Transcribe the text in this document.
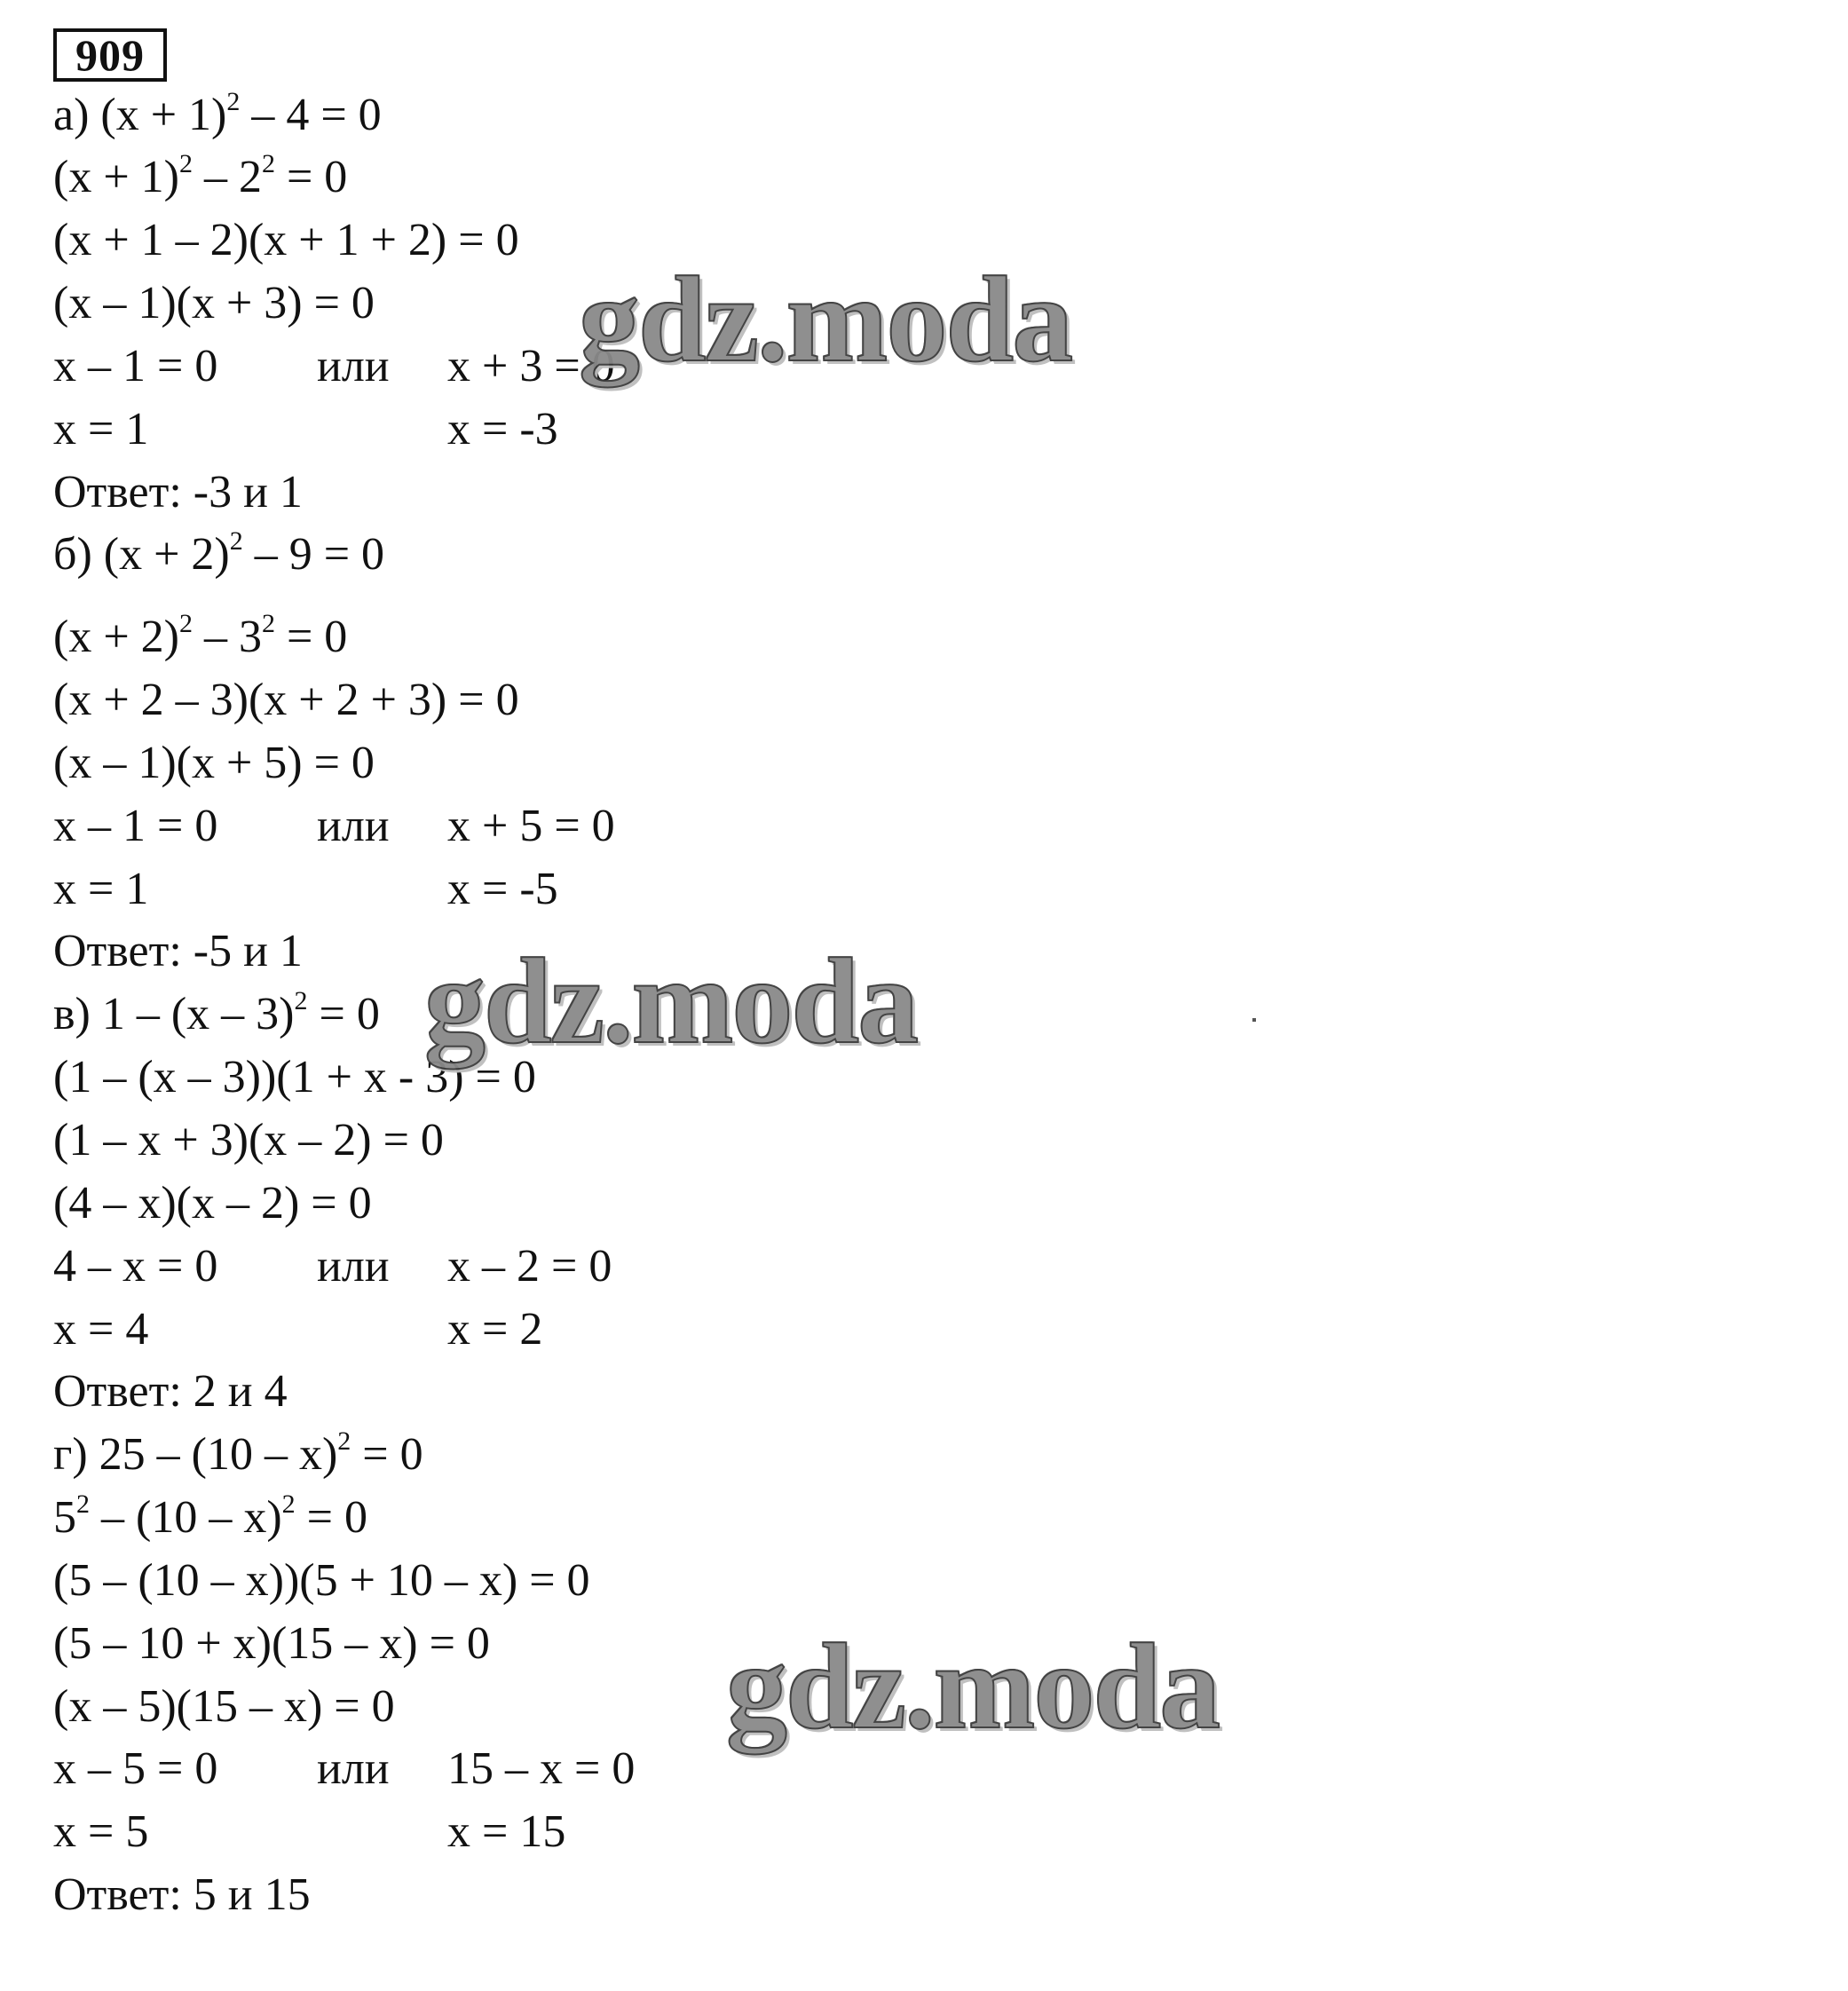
909
а) $(x + 1)^2 - 4 = 0$
$(x + 1)^2 - 2^2 = 0$
(x + 1 – 2)(x + 1 + 2) = 0
(x – 1)(x + 3) = 0
x – 1 = 0 или x + 3 = 0
x = 1	x = -3
Ответ: -3 и 1
б) $(x + 2)^2 - 9 = 0$
$(x + 2)^2 - 3^2 = 0$
(x + 2 – 3)(x + 2 + 3) = 0
(x – 1)(x + 5) = 0
x – 1 = 0 или x + 5 = 0
x = 1	x = -5
Ответ: -5 и 1
в) 1 – (x – 3)$^2$ = 0
(1 – (x – 3))(1 + x - 3) = 0
(1 – x + 3)(x – 2) = 0
(4 – x)(x – 2) = 0
4 – x = 0 или x – 2 = 0
x = 4	x = 2
Ответ: 2 и 4
г) 25 – (10 – x)$^2$ = 0
$5^2 - (10 - x)^2 = 0$
(5 – (10 – x))(5 + 10 – x) = 0
(5 – 10 + x)(15 – x) = 0
(x – 5)(15 – x) = 0
x – 5 = 0 или 15 – x = 0
x = 5	x = 15
Ответ: 5 и 15
gdz.moda
gdz.moda
gdz.moda
